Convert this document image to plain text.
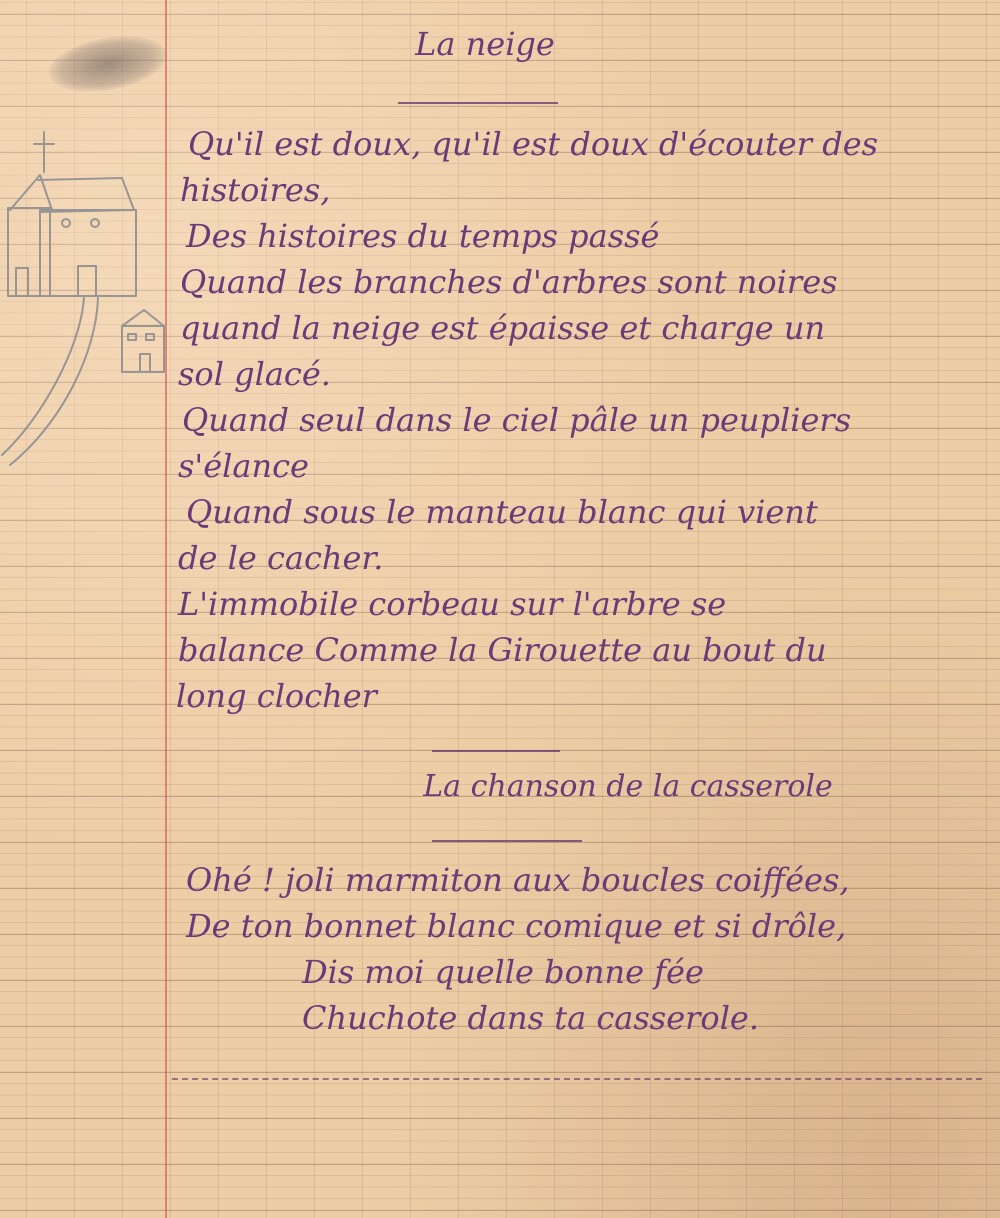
La neige

Qu'il est doux, qu'il est doux d'écouter des

histoires,

Des histoires du temps passé

Quand les branches d'arbres sont noires

quand la neige est épaisse et charge un

sol glacé.

Quand seul dans le ciel pâle un peupliers

s'élance

Quand sous le manteau blanc qui vient

de le cacher.

L'immobile corbeau sur l'arbre se

balance Comme la Girouette au bout du

long clocher

La chanson de la casserole

Ohé ! joli marmiton aux boucles coiffées,

De ton bonnet blanc comique et si drôle,

Dis moi quelle bonne fée

Chuchote dans ta casserole.
